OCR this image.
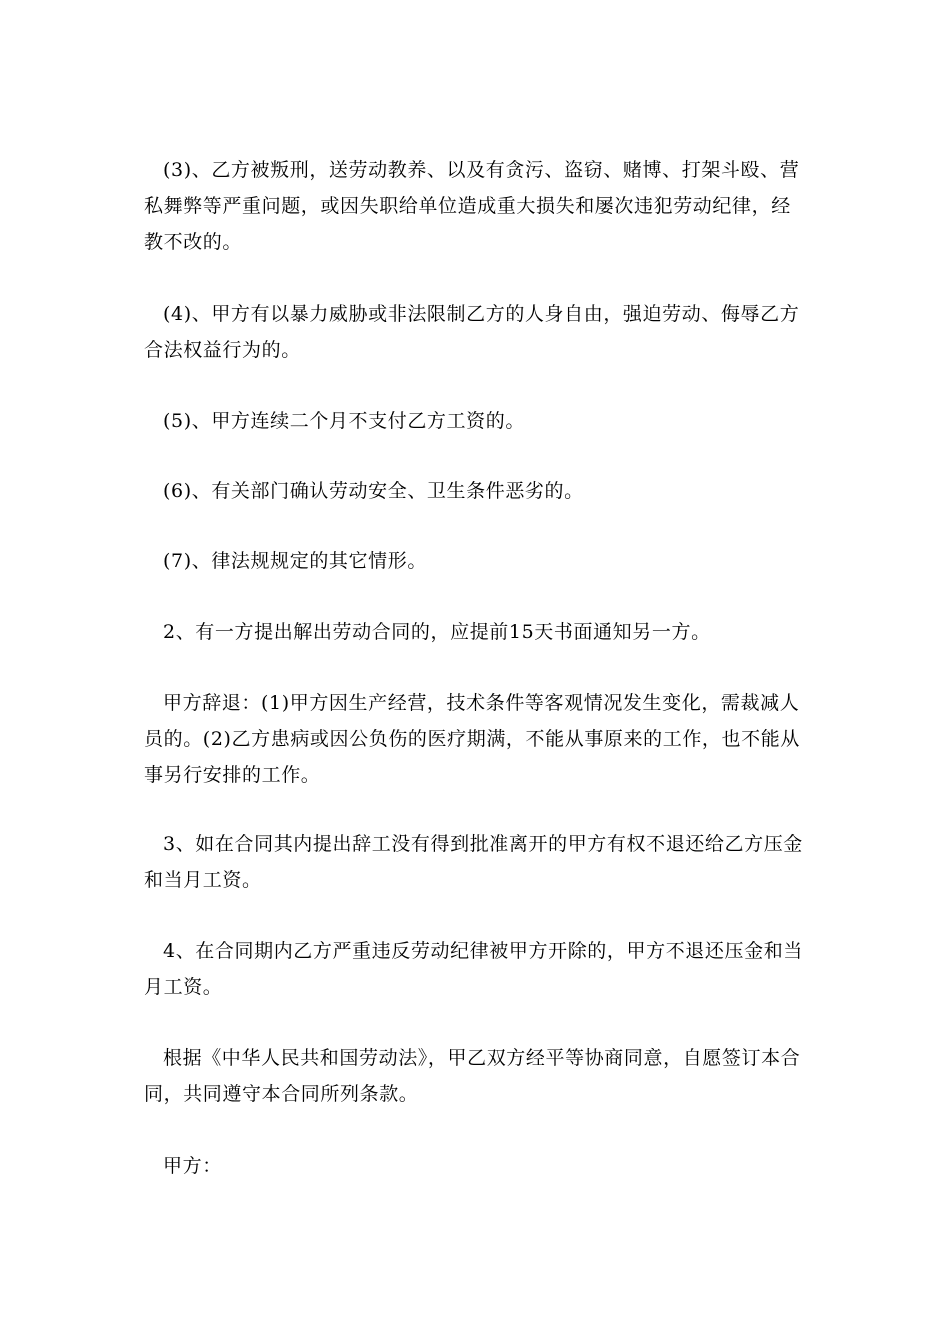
(3)、乙方被叛刑，送劳动教养、以及有贪污、盗窃、赌博、打架斗殴、营私舞弊等严重问题，或因失职给单位造成重大损失和屡次违犯劳动纪律，经教不改的。

(4)、甲方有以暴力威胁或非法限制乙方的人身自由，强迫劳动、侮辱乙方合法权益行为的。

(5)、甲方连续二个月不支付乙方工资的。

(6)、有关部门确认劳动安全、卫生条件恶劣的。

(7)、律法规规定的其它情形。

2、有一方提出解出劳动合同的，应提前15天书面通知另一方。

甲方辞退：(1)甲方因生产经营，技术条件等客观情况发生变化，需裁减人员的。(2)乙方患病或因公负伤的医疗期满，不能从事原来的工作，也不能从事另行安排的工作。

3、如在合同其内提出辞工没有得到批准离开的甲方有权不退还给乙方压金和当月工资。

4、在合同期内乙方严重违反劳动纪律被甲方开除的，甲方不退还压金和当月工资。

根据《中华人民共和国劳动法》，甲乙双方经平等协商同意，自愿签订本合同，共同遵守本合同所列条款。

甲方：
